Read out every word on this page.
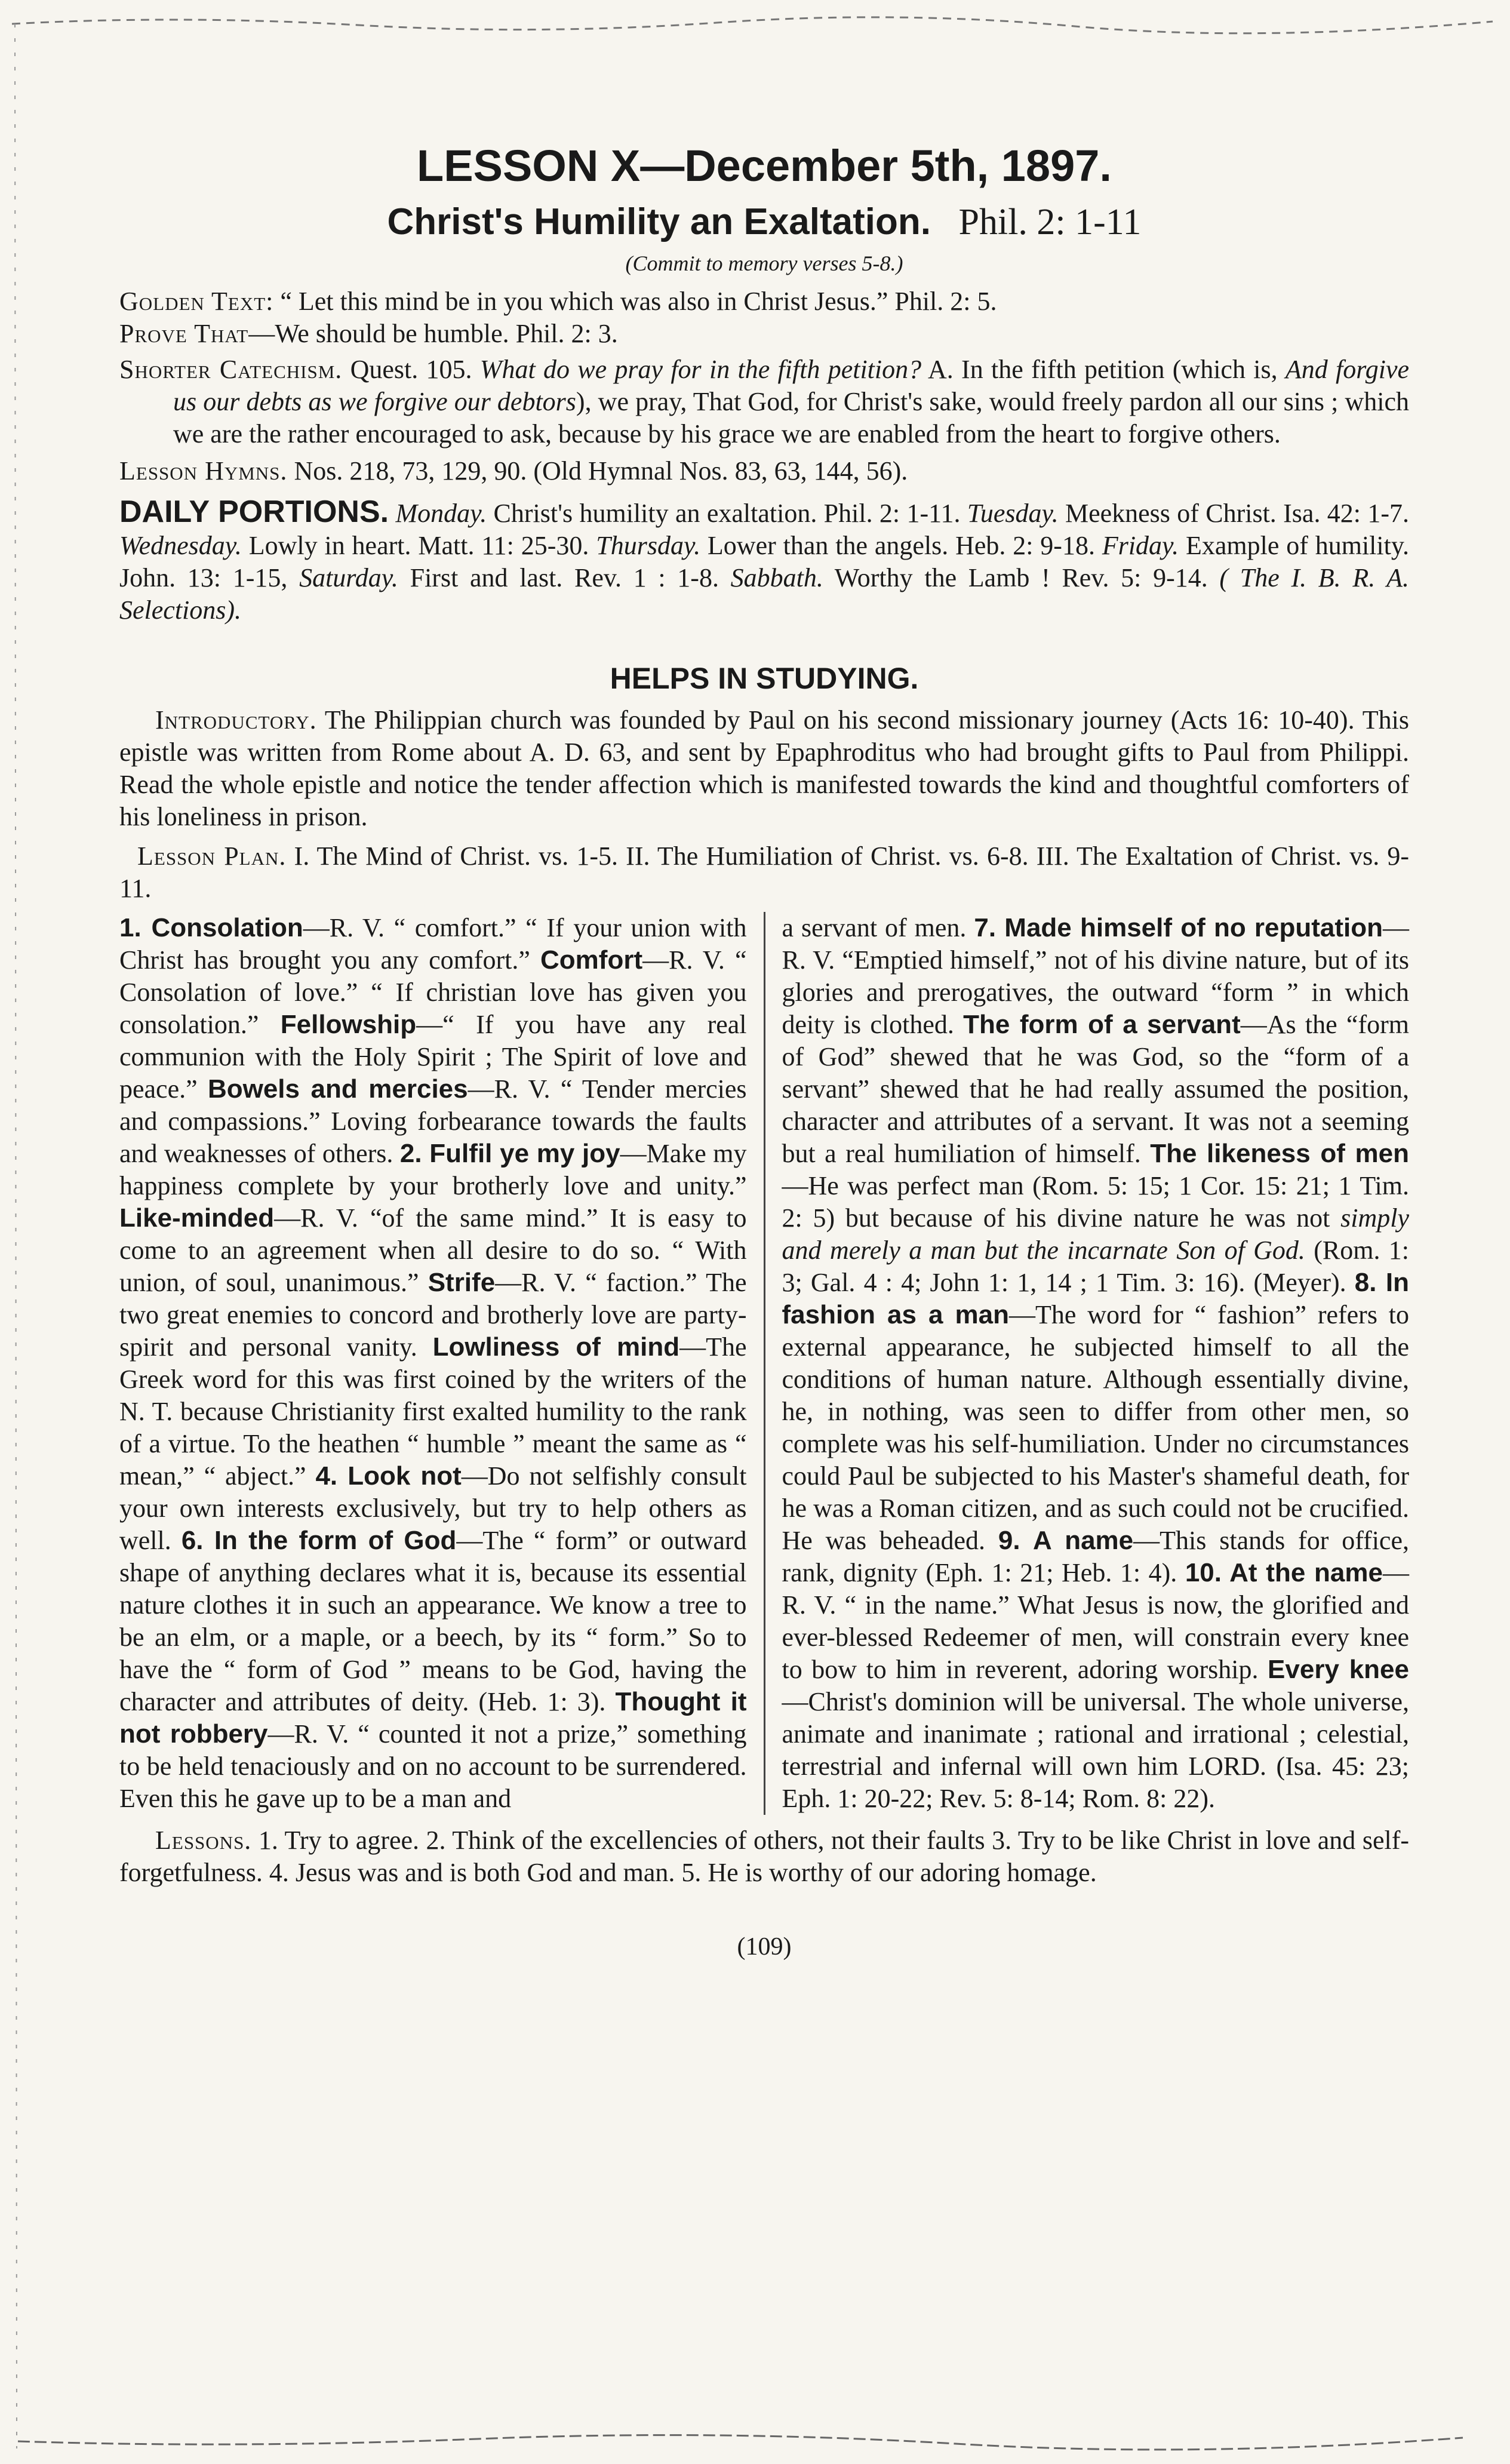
LESSON X—December 5th, 1897.

Christ's Humility an Exaltation. Phil. 2: 1-11

(Commit to memory verses 5-8.)

Golden Text: “ Let this mind be in you which was also in Christ Jesus.” Phil. 2: 5.

Prove That—We should be humble. Phil. 2: 3.

Shorter Catechism. Quest. 105. What do we pray for in the fifth petition? A. In the fifth petition (which is, And forgive us our debts as we forgive our debtors), we pray, That God, for Christ's sake, would freely pardon all our sins ; which we are the rather encouraged to ask, because by his grace we are enabled from the heart to forgive others.

Lesson Hymns. Nos. 218, 73, 129, 90. (Old Hymnal Nos. 83, 63, 144, 56).

DAILY PORTIONS. Monday. Christ's humility an exaltation. Phil. 2: 1-11. Tuesday. Meekness of Christ. Isa. 42: 1-7. Wednesday. Lowly in heart. Matt. 11: 25-30. Thursday. Lower than the angels. Heb. 2: 9-18. Friday. Example of humility. John. 13: 1-15, Saturday. First and last. Rev. 1 : 1-8. Sabbath. Worthy the Lamb ! Rev. 5: 9-14. ( The I. B. R. A. Selections).

HELPS IN STUDYING.

Introductory. The Philippian church was founded by Paul on his second missionary journey (Acts 16: 10-40). This epistle was written from Rome about A. D. 63, and sent by Epaphroditus who had brought gifts to Paul from Philippi. Read the whole epistle and notice the tender affection which is manifested towards the kind and thoughtful comforters of his loneliness in prison.

Lesson Plan. I. The Mind of Christ. vs. 1-5. II. The Humiliation of Christ. vs. 6-8. III. The Exaltation of Christ. vs. 9-11.

1. Consolation—R. V. “ comfort.” “ If your union with Christ has brought you any comfort.” Comfort—R. V. “ Consolation of love.” “ If christian love has given you consolation.” Fellowship—“ If you have any real communion with the Holy Spirit ; The Spirit of love and peace.” Bowels and mercies—R. V. “ Tender mercies and compassions.” Loving forbearance towards the faults and weaknesses of others. 2. Fulfil ye my joy—Make my happiness complete by your brotherly love and unity.” Like-minded—R. V. “of the same mind.” It is easy to come to an agreement when all desire to do so. “ With union, of soul, unanimous.” Strife—R. V. “ faction.” The two great enemies to concord and brotherly love are party-spirit and personal vanity. Lowliness of mind—The Greek word for this was first coined by the writers of the N. T. because Christianity first exalted humility to the rank of a virtue. To the heathen “ humble ” meant the same as “ mean,” “ abject.” 4. Look not—Do not selfishly consult your own interests exclusively, but try to help others as well. 6. In the form of God—The “ form” or outward shape of anything declares what it is, because its essential nature clothes it in such an appearance. We know a tree to be an elm, or a maple, or a beech, by its “ form.” So to have the “ form of God ” means to be God, having the character and attributes of deity. (Heb. 1: 3). Thought it not robbery—R. V. “ counted it not a prize,” something to be held tenaciously and on no account to be surrendered. Even this he gave up to be a man and
a servant of men. 7. Made himself of no reputation—R. V. “Emptied himself,” not of his divine nature, but of its glories and prerogatives, the outward “form ” in which deity is clothed. The form of a servant—As the “form of God” shewed that he was God, so the “form of a servant” shewed that he had really assumed the position, character and attributes of a servant. It was not a seeming but a real humiliation of himself. The likeness of men—He was perfect man (Rom. 5: 15; 1 Cor. 15: 21; 1 Tim. 2: 5) but because of his divine nature he was not simply and merely a man but the incarnate Son of God. (Rom. 1: 3; Gal. 4 : 4; John 1: 1, 14 ; 1 Tim. 3: 16). (Meyer). 8. In fashion as a man—The word for “ fashion” refers to external appearance, he subjected himself to all the conditions of human nature. Although essentially divine, he, in nothing, was seen to differ from other men, so complete was his self-humiliation. Under no circumstances could Paul be subjected to his Master's shameful death, for he was a Roman citizen, and as such could not be crucified. He was beheaded. 9. A name—This stands for office, rank, dignity (Eph. 1: 21; Heb. 1: 4). 10. At the name—R. V. “ in the name.” What Jesus is now, the glorified and ever-blessed Redeemer of men, will constrain every knee to bow to him in reverent, adoring worship. Every knee—Christ's dominion will be universal. The whole universe, animate and inanimate ; rational and irrational ; celestial, terrestrial and infernal will own him LORD. (Isa. 45: 23; Eph. 1: 20-22; Rev. 5: 8-14; Rom. 8: 22).

Lessons. 1. Try to agree. 2. Think of the excellencies of others, not their faults 3. Try to be like Christ in love and self-forgetfulness. 4. Jesus was and is both God and man. 5. He is worthy of our adoring homage.

(109)
